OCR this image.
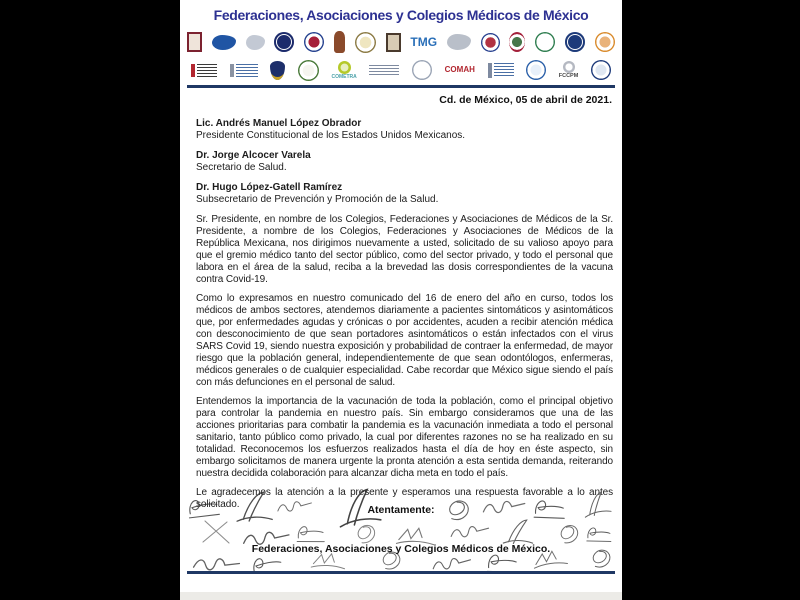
Federaciones, Asociaciones y Colegios Médicos de México
TMG
COMETRA
COMAH
FCCPM
Cd. de México, 05 de abril de 2021.
Lic. Andrés Manuel López Obrador
Presidente Constitucional de los Estados Unidos Mexicanos.
Dr. Jorge Alcocer Varela
Secretario de Salud.
Dr. Hugo López-Gatell Ramírez
Subsecretario de Prevención y Promoción de la Salud.

Sr. Presidente, en nombre de los Colegios, Federaciones y Asociaciones de Médicos de la Sr. Presidente, a nombre de los Colegios, Federaciones y Asociaciones de Médicos de la República Mexicana, nos dirigimos nuevamente a usted, solicitado de su valioso apoyo para que el gremio médico tanto del sector público, como del sector privado, y todo el personal que labora en el área de la salud, reciba a la brevedad las dosis correspondientes de la vacuna contra Covid-19.

Como lo expresamos en nuestro comunicado del 16 de enero del año en curso, todos los médicos de ambos sectores, atendemos diariamente a pacientes sintomáticos y asintomáticos que, por enfermedades agudas y crónicas o por accidentes, acuden a recibir atención médica con desconocimiento de que sean portadores asintomáticos o están infectados con el virus SARS Covid 19, siendo nuestra exposición y probabilidad de contraer la enfermedad, de mayor riesgo que la población general, independientemente de que sean odontólogos, enfermeras, médicos generales o de cualquier especialidad. Cabe recordar que México sigue siendo el país con más defunciones en el personal de salud.

Entendemos la importancia de la vacunación de toda la población, como el principal objetivo para controlar la pandemia en nuestro país. Sin embargo consideramos que una de las acciones prioritarias para combatir la pandemia es la vacunación inmediata a todo el personal sanitario, tanto público como privado, la cual por diferentes razones no se ha realizado en su totalidad. Reconocemos los esfuerzos realizados hasta el día de hoy en éste aspecto, sin embargo solicitamos de manera urgente la pronta atención a esta sentida demanda, reiterando nuestra decidida colaboración para alcanzar dicha meta en todo el país.

Le agradecemos la atención a la presente y esperamos una respuesta favorable a lo antes solicitado.	Atentamente:
Federaciones, Asociaciones y Colegios Médicos de México.
